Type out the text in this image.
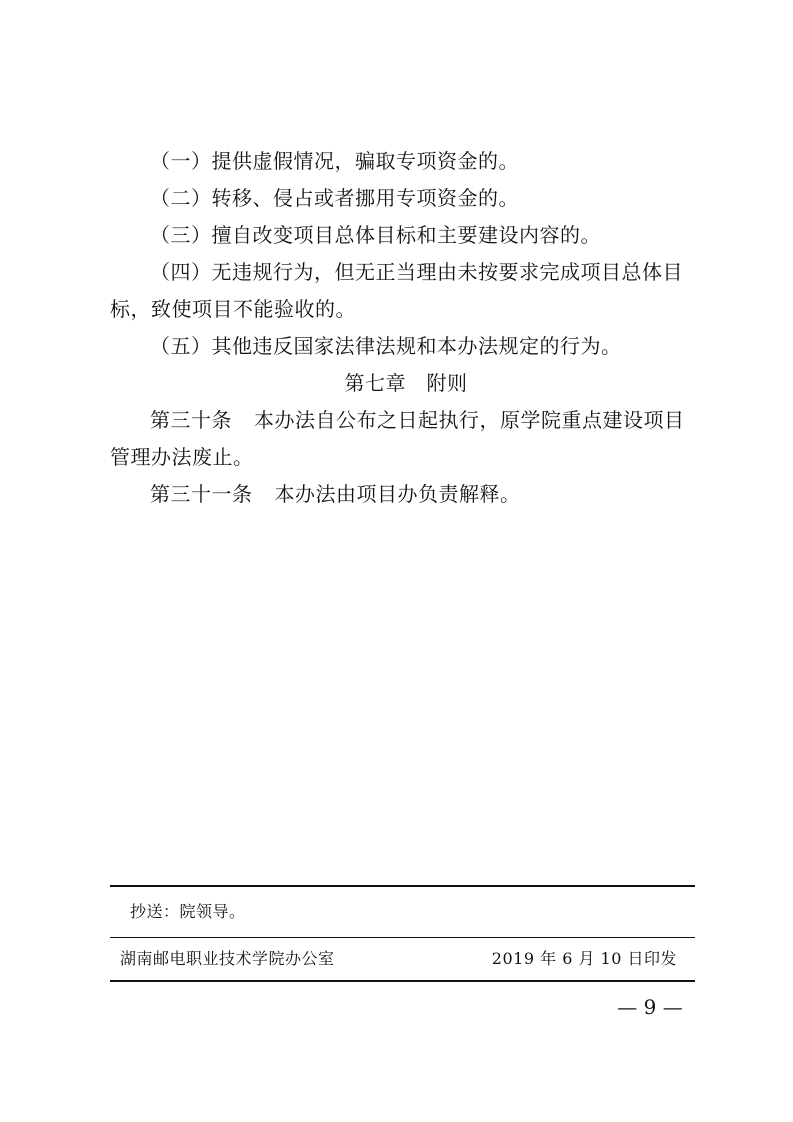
（一）提供虚假情况，骗取专项资金的。

（二）转移、侵占或者挪用专项资金的。

（三）擅自改变项目总体目标和主要建设内容的。

（四）无违规行为，但无正当理由未按要求完成项目总体目标，致使项目不能验收的。

（五）其他违反国家法律法规和本办法规定的行为。

第七章　附则

第三十条 本办法自公布之日起执行，原学院重点建设项目管理办法废止。

第三十一条 本办法由项目办负责解释。

抄送：院领导。
湖南邮电职业技术学院办公室	2019 年 6 月 10 日印发
— 9 —
